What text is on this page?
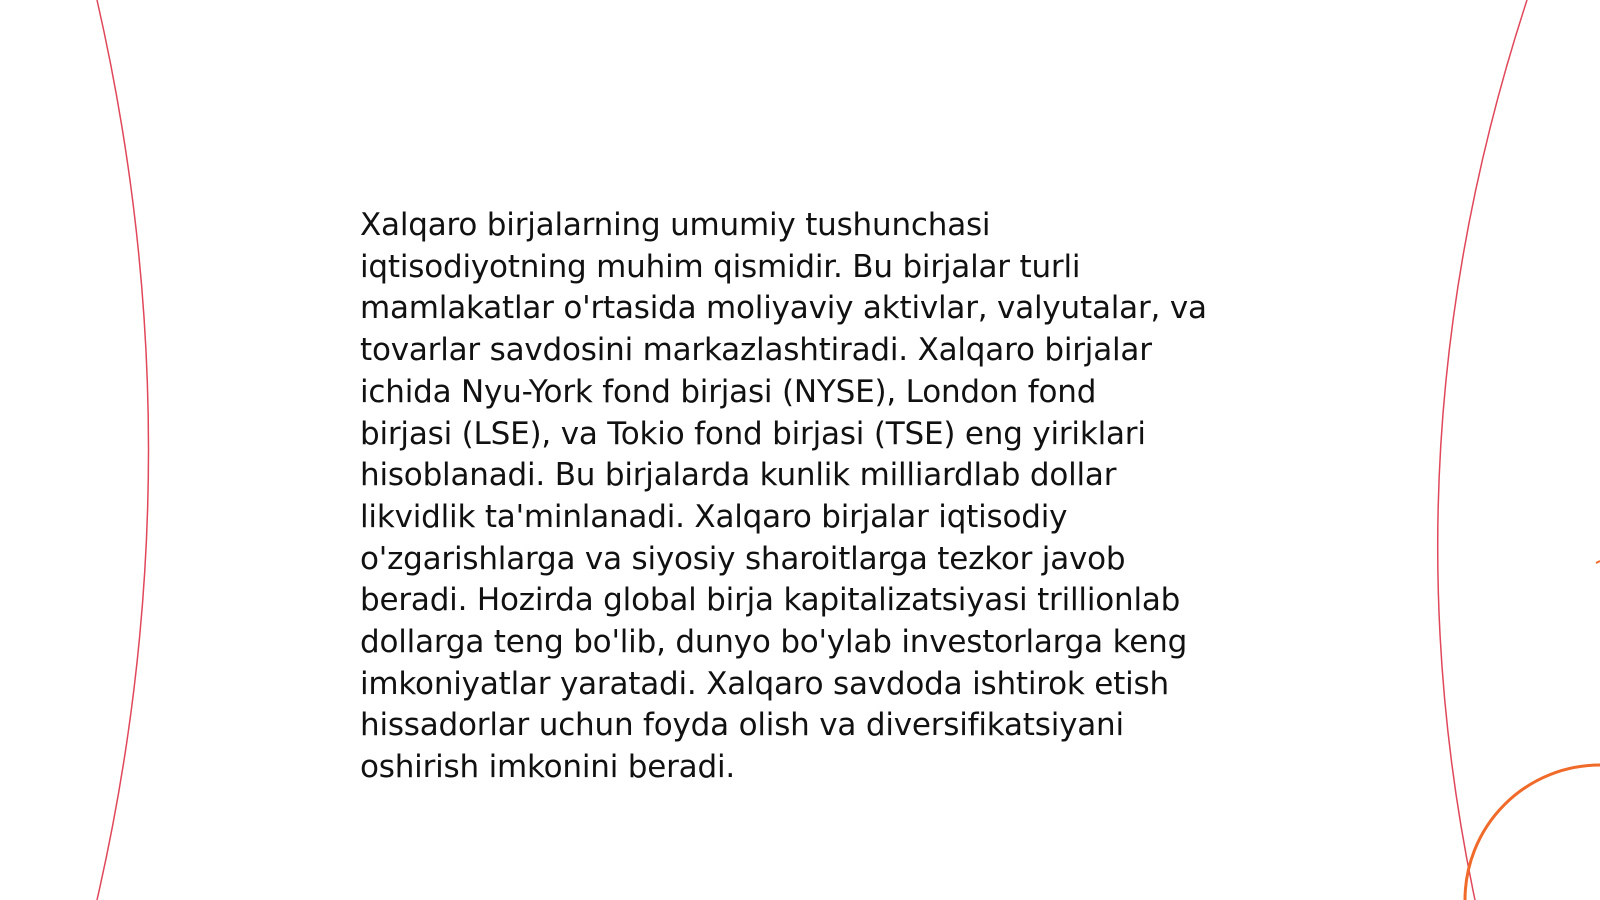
Xalqaro birjalarning umumiy tushunchasi
iqtisodiyotning muhim qismidir. Bu birjalar turli
mamlakatlar o'rtasida moliyaviy aktivlar, valyutalar, va
tovarlar savdosini markazlashtiradi. Xalqaro birjalar
ichida Nyu-York fond birjasi (NYSE), London fond
birjasi (LSE), va Tokio fond birjasi (TSE) eng yiriklari
hisoblanadi. Bu birjalarda kunlik milliardlab dollar
likvidlik ta'minlanadi. Xalqaro birjalar iqtisodiy
o'zgarishlarga va siyosiy sharoitlarga tezkor javob
beradi. Hozirda global birja kapitalizatsiyasi trillionlab
dollarga teng bo'lib, dunyo bo'ylab investorlarga keng
imkoniyatlar yaratadi. Xalqaro savdoda ishtirok etish
hissadorlar uchun foyda olish va diversifikatsiyani
oshirish imkonini beradi.
